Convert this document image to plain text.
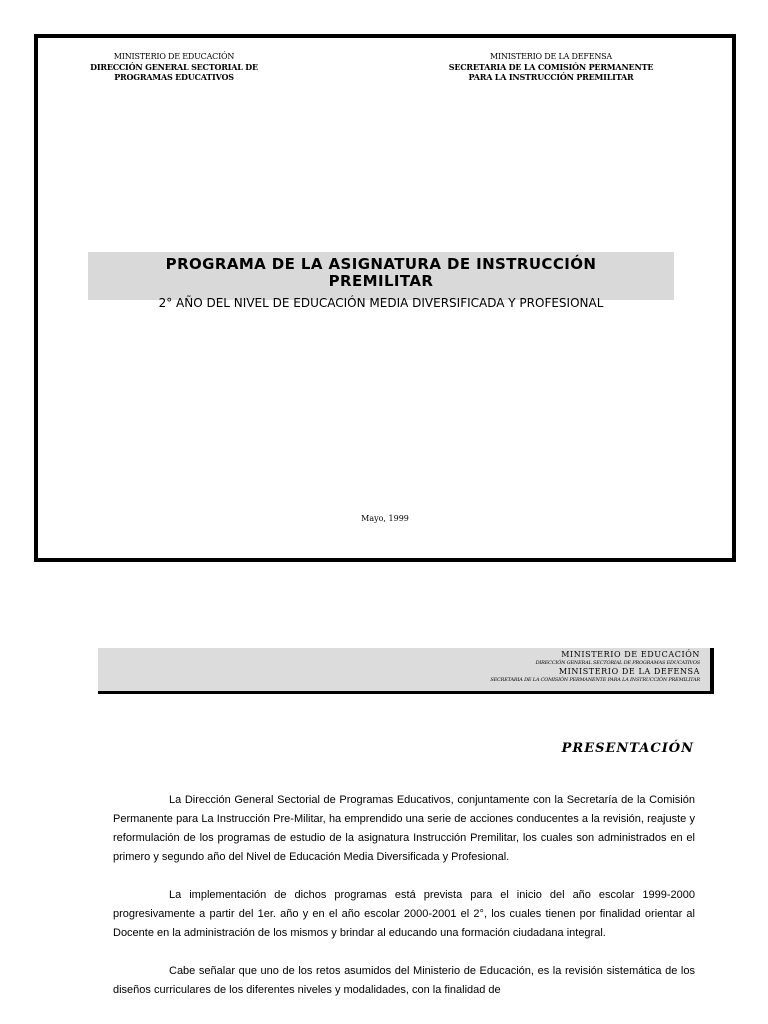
MINISTERIO DE EDUCACIÓN
DIRECCIÓN GENERAL SECTORIAL DE
PROGRAMAS EDUCATIVOS
MINISTERIO DE LA DEFENSA
SECRETARIA DE LA COMISIÓN PERMANENTE
PARA LA INSTRUCCIÓN PREMILITAR
PROGRAMA DE LA ASIGNATURA DE INSTRUCCIÓN
PREMILITAR
2° AÑO DEL NIVEL DE EDUCACIÓN MEDIA DIVERSIFICADA Y PROFESIONAL
Mayo, 1999
MINISTERIO DE EDUCACIÓN
DIRECCIÓN GENERAL SECTORIAL DE PROGRAMAS EDUCATIVOS
MINISTERIO DE LA DEFENSA
SECRETARIA DE LA COMISIÓN PERMANENTE PARA LA INSTRUCCIÓN PREMILITAR
PRESENTACIÓN

La Dirección General Sectorial de Programas Educativos, conjuntamente con la Secretaría de la Comisión Permanente para La Instrucción Pre-Militar, ha emprendido una serie de acciones conducentes a la revisión, reajuste y reformulación de los programas de estudio de la asignatura Instrucción Premilitar, los cuales son administrados en el primero y segundo año del Nivel de Educación Media Diversificada y Profesional.

La implementación de dichos programas está prevista para el inicio del año escolar 1999-2000 progresivamente a partir del 1er. año y en el año escolar 2000-2001 el 2°, los cuales tienen por finalidad orientar al Docente en la administración de los mismos y brindar al educando una formación ciudadana integral.

Cabe señalar que uno de los retos asumidos del Ministerio de Educación, es la revisión sistemática de los diseños curriculares de los diferentes niveles y modalidades, con la finalidad de
